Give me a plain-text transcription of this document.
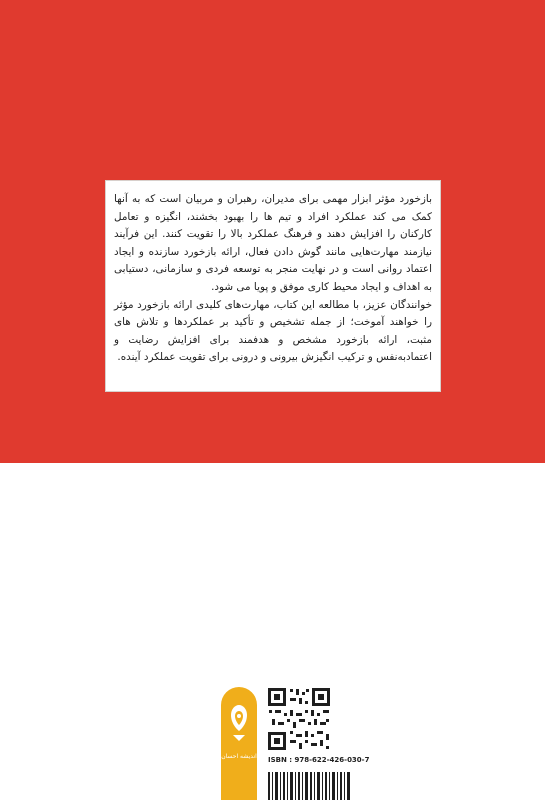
بازخورد مؤثر ابزار مهمی برای مدیران، رهبران و مربیان است که به آنها کمک می کند عملکرد افراد و تیم ها را بهبود بخشند، انگیزه و تعامل کارکنان را افزایش دهند و فرهنگ عملکرد بالا را تقویت کنند. این فرآیند نیازمند مهارت‌هایی مانند گوش دادن فعال، ارائه بازخورد سازنده و ایجاد اعتماد روانی است و در نهایت منجر به توسعه فردی و سازمانی، دستیابی به اهداف و ایجاد محیط کاری موفق و پویا می شود.

خوانندگان عزیز، با مطالعه این کتاب، مهارت‌های کلیدی ارائه بازخورد مؤثر را خواهند آموخت؛ از جمله تشخیص و تأکید بر عملکردها و تلاش های مثبت، ارائه بازخورد مشخص و هدفمند برای افزایش رضایت و اعتمادبه‌نفس و ترکیب انگیزش بیرونی و درونی برای تقویت عملکرد آینده.

اندیشه احسان ISBN : 978-622-426-030-7
